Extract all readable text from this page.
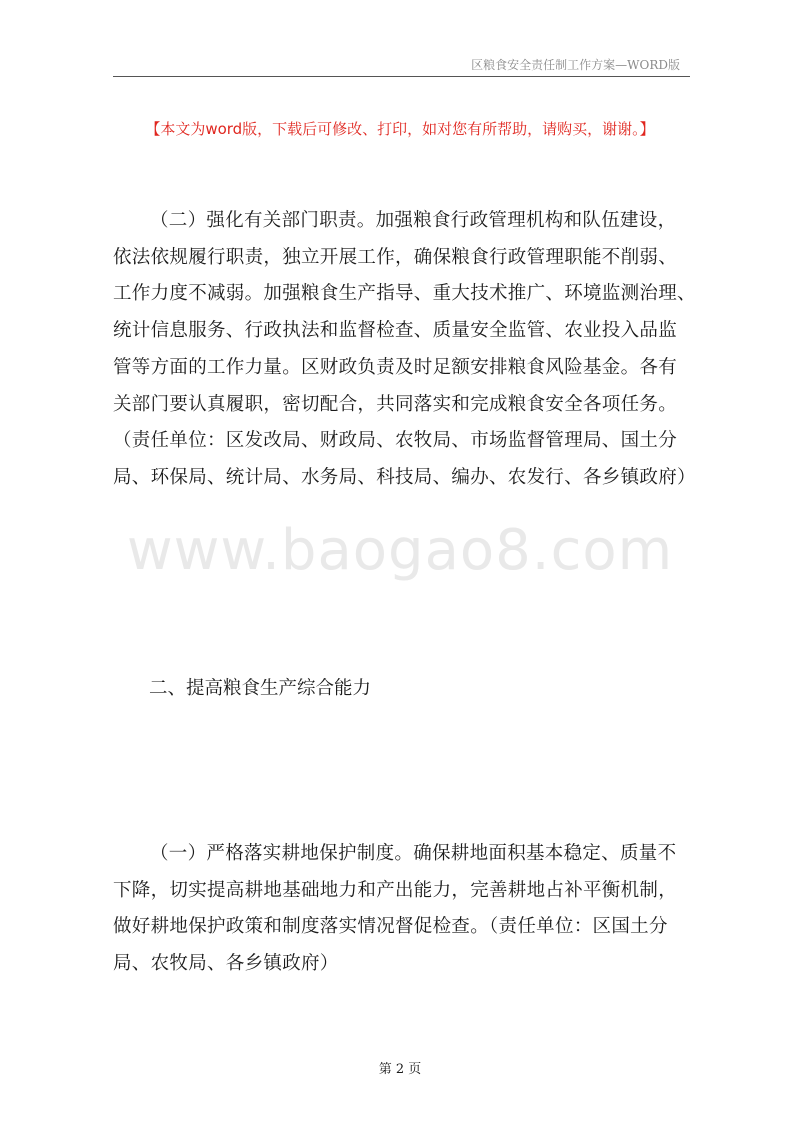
区粮食安全责任制工作方案—WORD版
【本文为word版，下载后可修改、打印，如对您有所帮助，请购买，谢谢。】
（二）强化有关部门职责。加强粮食行政管理机构和队伍建设，
依法依规履行职责，独立开展工作，确保粮食行政管理职能不削弱、
工作力度不减弱。加强粮食生产指导、重大技术推广、环境监测治理、
统计信息服务、行政执法和监督检查、质量安全监管、农业投入品监
管等方面的工作力量。区财政负责及时足额安排粮食风险基金。各有
关部门要认真履职，密切配合，共同落实和完成粮食安全各项任务。
（责任单位：区发改局、财政局、农牧局、市场监督管理局、国土分
局、环保局、统计局、水务局、科技局、编办、农发行、各乡镇政府）
www.baogao8.com
二、提高粮食生产综合能力
（一）严格落实耕地保护制度。确保耕地面积基本稳定、质量不
下降，切实提高耕地基础地力和产出能力，完善耕地占补平衡机制，
做好耕地保护政策和制度落实情况督促检查。（责任单位：区国土分
局、农牧局、各乡镇政府）
第 2 页
